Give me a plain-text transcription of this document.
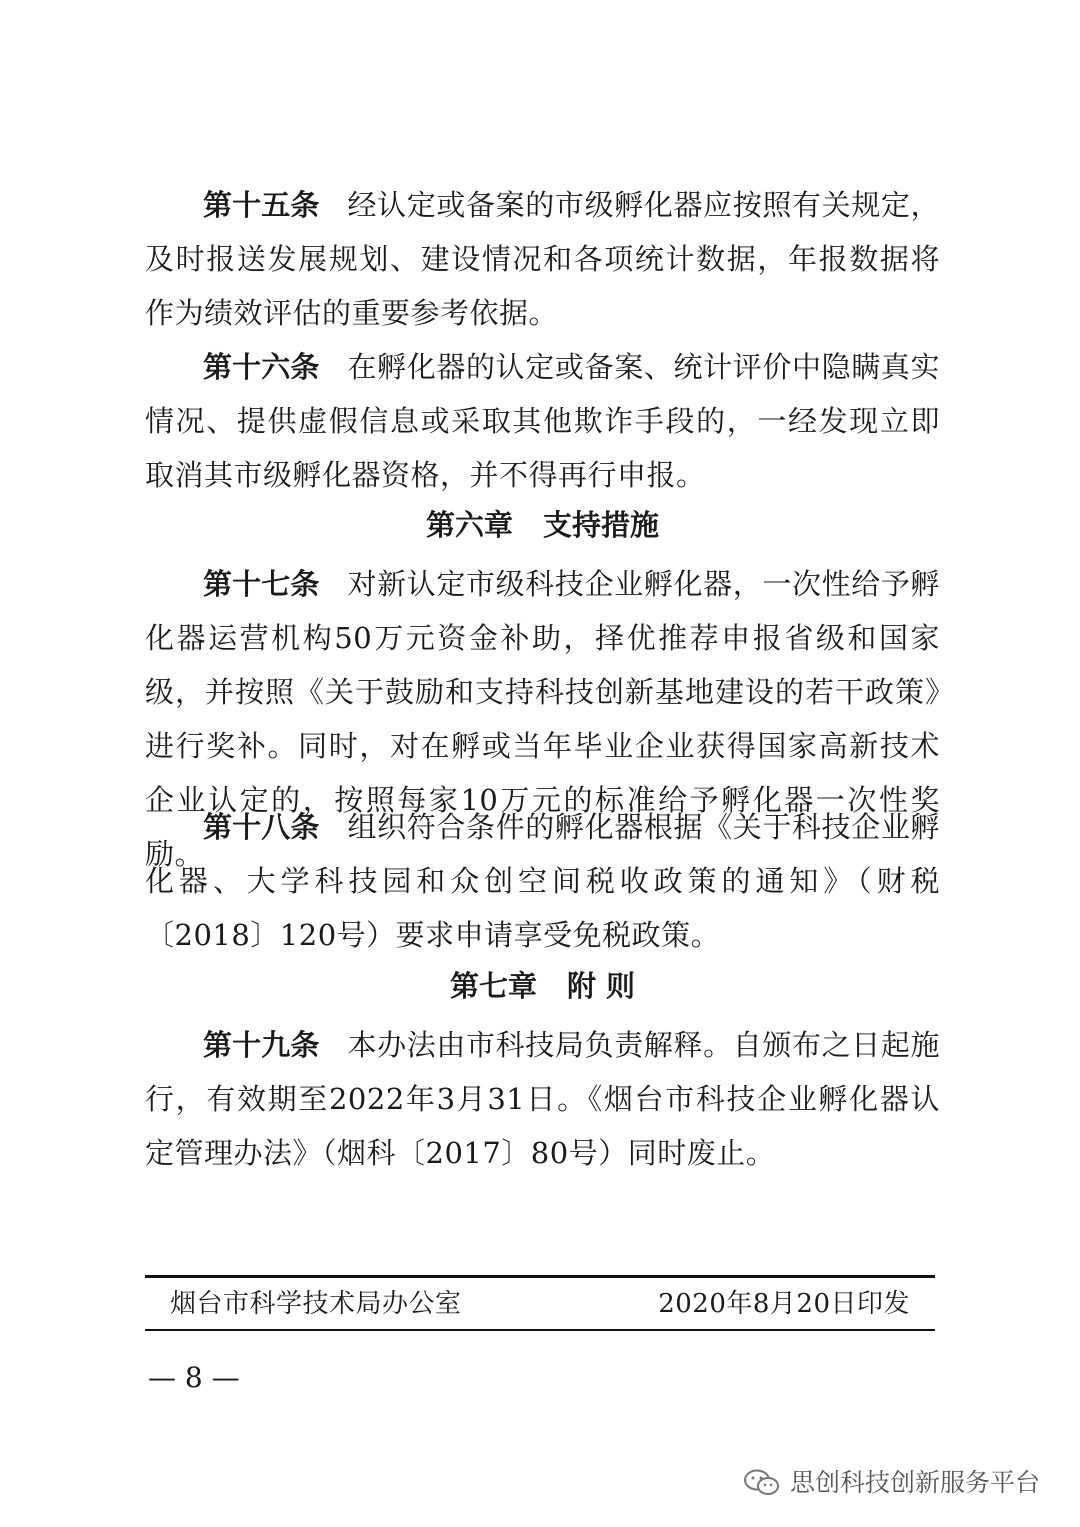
第十五条 经认定或备案的市级孵化器应按照有关规定，及时报送发展规划、建设情况和各项统计数据，年报数据将作为绩效评估的重要参考依据。

第十六条 在孵化器的认定或备案、统计评价中隐瞒真实情况、提供虚假信息或采取其他欺诈手段的，一经发现立即取消其市级孵化器资格，并不得再行申报。

第六章 支持措施

第十七条 对新认定市级科技企业孵化器，一次性给予孵化器运营机构50万元资金补助，择优推荐申报省级和国家级，并按照《关于鼓励和支持科技创新基地建设的若干政策》进行奖补。同时，对在孵或当年毕业企业获得国家高新技术企业认定的，按照每家10万元的标准给予孵化器一次性奖励。

第十八条 组织符合条件的孵化器根据《关于科技企业孵化器、大学科技园和众创空间税收政策的通知》（财税〔2018〕120号）要求申请享受免税政策。

第七章 附 则

第十九条 本办法由市科技局负责解释。自颁布之日起施行，有效期至2022年3月31日。《烟台市科技企业孵化器认定管理办法》（烟科〔2017〕80号）同时废止。

烟台市科学技术局办公室	2020年8月20日印发
— 8 —
思创科技创新服务平台
